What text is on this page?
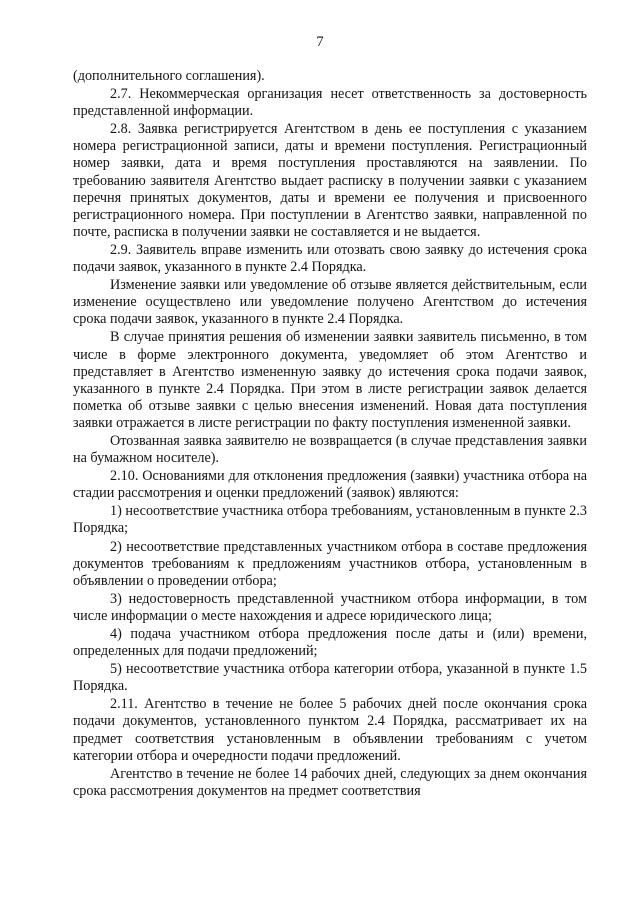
7

(дополнительного соглашения).

2.7. Некоммерческая организация несет ответственность за достоверность представленной информации.

2.8. Заявка регистрируется Агентством в день ее поступления с указанием номера регистрационной записи, даты и времени поступления. Регистрационный номер заявки, дата и время поступления проставляются на заявлении. По требованию заявителя Агентство выдает расписку в получении заявки с указанием перечня принятых документов, даты и времени ее получения и присвоенного регистрационного номера. При поступлении в Агентство заявки, направленной по почте, расписка в получении заявки не составляется и не выдается.

2.9. Заявитель вправе изменить или отозвать свою заявку до истечения срока подачи заявок, указанного в пункте 2.4 Порядка.

Изменение заявки или уведомление об отзыве является действительным, если изменение осуществлено или уведомление получено Агентством до истечения срока подачи заявок, указанного в пункте 2.4 Порядка.

В случае принятия решения об изменении заявки заявитель письменно, в том числе в форме электронного документа, уведомляет об этом Агентство и представляет в Агентство измененную заявку до истечения срока подачи заявок, указанного в пункте 2.4 Порядка. При этом в листе регистрации заявок делается пометка об отзыве заявки с целью внесения изменений. Новая дата поступления заявки отражается в листе регистрации по факту поступления измененной заявки.

Отозванная заявка заявителю не возвращается (в случае представления заявки на бумажном носителе).

2.10. Основаниями для отклонения предложения (заявки) участника отбора на стадии рассмотрения и оценки предложений (заявок) являются:

1) несоответствие участника отбора требованиям, установленным в пункте 2.3 Порядка;

2) несоответствие представленных участником отбора в составе предложения документов требованиям к предложениям участников отбора, установленным в объявлении о проведении отбора;

3) недостоверность представленной участником отбора информации, в том числе информации о месте нахождения и адресе юридического лица;

4) подача участником отбора предложения после даты и (или) времени, определенных для подачи предложений;

5) несоответствие участника отбора категории отбора, указанной в пункте 1.5 Порядка.

2.11. Агентство в течение не более 5 рабочих дней после окончания срока подачи документов, установленного пунктом 2.4 Порядка, рассматривает их на предмет соответствия установленным в объявлении требованиям с учетом категории отбора и очередности подачи предложений.

Агентство в течение не более 14 рабочих дней, следующих за днем окончания срока рассмотрения документов на предмет соответствия
